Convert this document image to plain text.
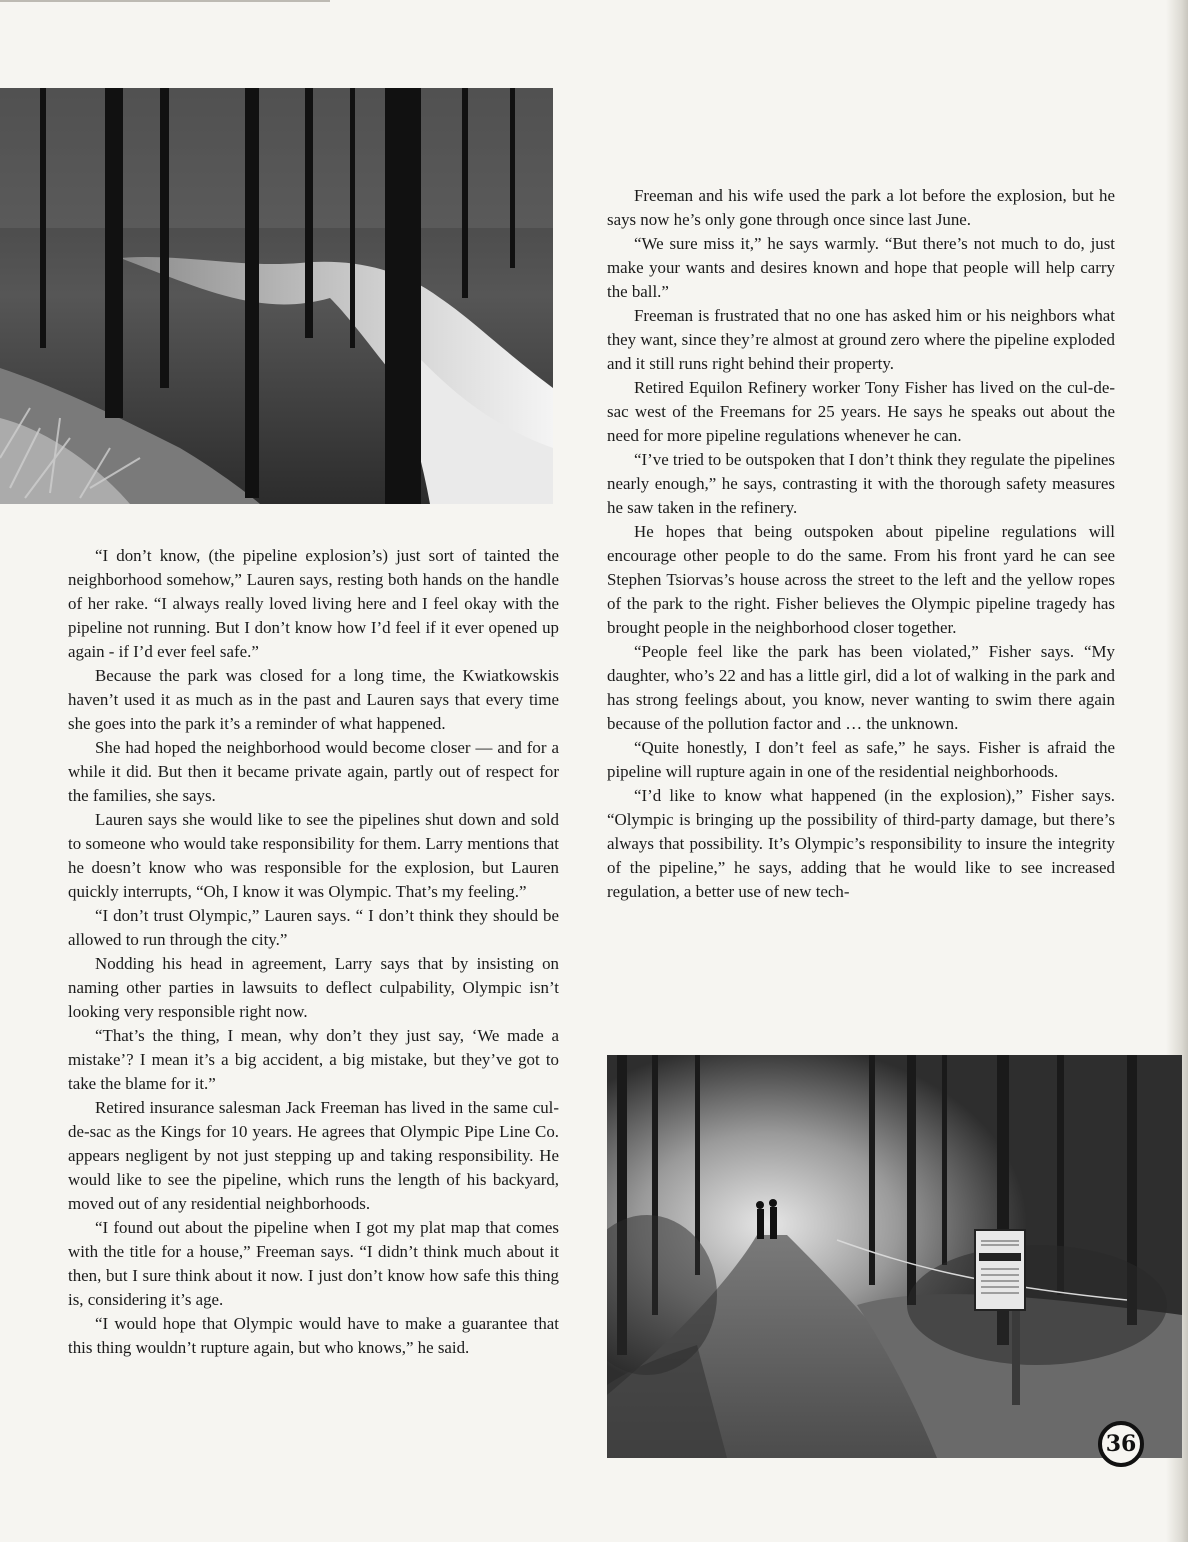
“I don’t know, (the pipeline explosion’s) just sort of tainted the neighborhood somehow,” Lauren says, resting both hands on the handle of her rake. “I always really loved living here and I feel okay with the pipeline not running. But I don’t know how I’d feel if it ever opened up again - if I’d ever feel safe.”

Because the park was closed for a long time, the Kwiatkowskis haven’t used it as much as in the past and Lauren says that every time she goes into the park it’s a reminder of what happened.

She had hoped the neighborhood would become closer — and for a while it did. But then it became private again, partly out of respect for the families, she says.

Lauren says she would like to see the pipelines shut down and sold to someone who would take responsibility for them. Larry mentions that he doesn’t know who was responsible for the explosion, but Lauren quickly interrupts, “Oh, I know it was Olympic. That’s my feeling.”

“I don’t trust Olympic,” Lauren says. “ I don’t think they should be allowed to run through the city.”

Nodding his head in agreement, Larry says that by insisting on naming other parties in lawsuits to deflect culpability, Olympic isn’t looking very responsible right now.

“That’s the thing, I mean, why don’t they just say, ‘We made a mistake’? I mean it’s a big accident, a big mistake, but they’ve got to take the blame for it.”

Retired insurance salesman Jack Freeman has lived in the same cul-de-sac as the Kings for 10 years. He agrees that Olympic Pipe Line Co. appears negligent by not just stepping up and taking responsibility. He would like to see the pipeline, which runs the length of his backyard, moved out of any residential neighborhoods.

“I found out about the pipeline when I got my plat map that comes with the title for a house,” Freeman says. “I didn’t think much about it then, but I sure think about it now. I just don’t know how safe this thing is, considering it’s age.

“I would hope that Olympic would have to make a guarantee that this thing wouldn’t rupture again, but who knows,” he said.

Freeman and his wife used the park a lot before the explosion, but he says now he’s only gone through once since last June.

“We sure miss it,” he says warmly. “But there’s not much to do, just make your wants and desires known and hope that people will help carry the ball.”

Freeman is frustrated that no one has asked him or his neighbors what they want, since they’re almost at ground zero where the pipeline exploded and it still runs right behind their property.

Retired Equilon Refinery worker Tony Fisher has lived on the cul-de-sac west of the Freemans for 25 years. He says he speaks out about the need for more pipeline regulations whenever he can.

“I’ve tried to be outspoken that I don’t think they regulate the pipelines nearly enough,” he says, contrasting it with the thorough safety measures he saw taken in the refinery.

He hopes that being outspoken about pipeline regulations will encourage other people to do the same. From his front yard he can see Stephen Tsiorvas’s house across the street to the left and the yellow ropes of the park to the right. Fisher believes the Olympic pipeline tragedy has brought people in the neighborhood closer together.

“People feel like the park has been violated,” Fisher says. “My daughter, who’s 22 and has a little girl, did a lot of walking in the park and has strong feelings about, you know, never wanting to swim there again because of the pollution factor and … the unknown.

“Quite honestly, I don’t feel as safe,” he says. Fisher is afraid the pipeline will rupture again in one of the residential neighborhoods.

“I’d like to know what happened (in the explosion),” Fisher says. “Olympic is bringing up the possibility of third-party damage, but there’s always that possibility. It’s Olympic’s responsibility to insure the integrity of the pipeline,” he says, adding that he would like to see increased regulation, a better use of new tech-

36
